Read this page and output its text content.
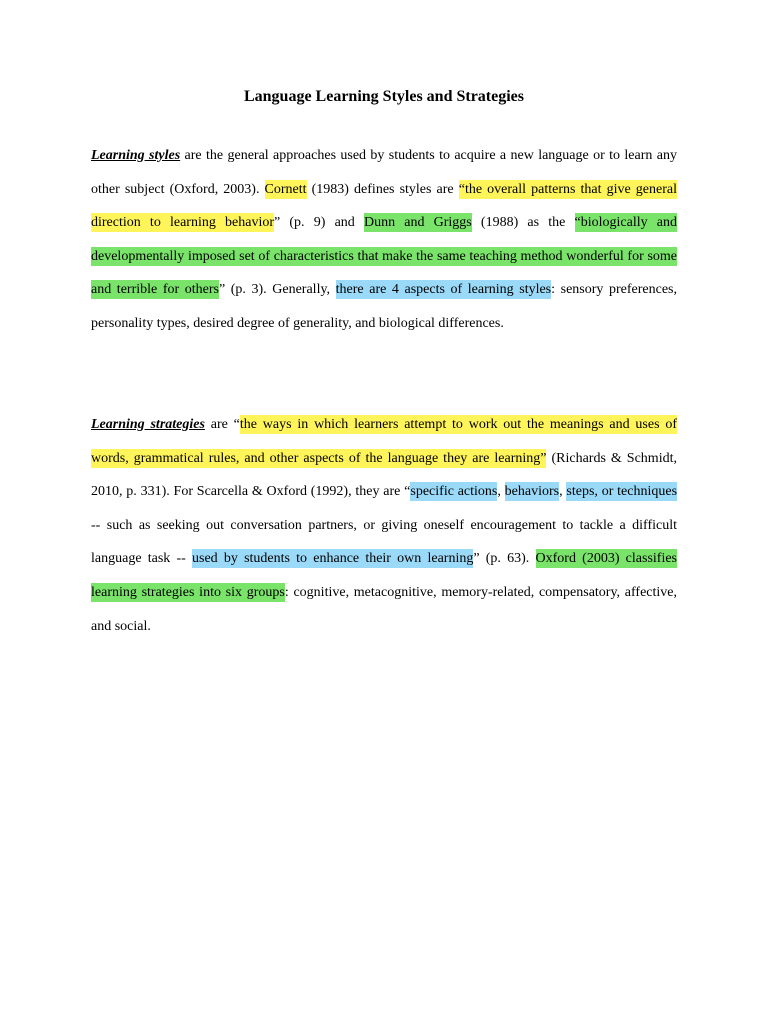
Language Learning Styles and Strategies

Learning styles are the general approaches used by students to acquire a new language or to learn any other subject (Oxford, 2003). Cornett (1983) defines styles are “the overall patterns that give general direction to learning behavior” (p. 9) and Dunn and Griggs (1988) as the “biologically and developmentally imposed set of characteristics that make the same teaching method wonderful for some and terrible for others” (p. 3). Generally, there are 4 aspects of learning styles: sensory preferences, personality types, desired degree of generality, and biological differences.

Learning strategies are “the ways in which learners attempt to work out the meanings and uses of words, grammatical rules, and other aspects of the language they are learning” (Richards & Schmidt, 2010, p. 331). For Scarcella & Oxford (1992), they are “specific actions, behaviors, steps, or techniques -- such as seeking out conversation partners, or giving oneself encouragement to tackle a difficult language task -- used by students to enhance their own learning” (p. 63). Oxford (2003) classifies learning strategies into six groups: cognitive, metacognitive, memory-related, compensatory, affective, and social.
